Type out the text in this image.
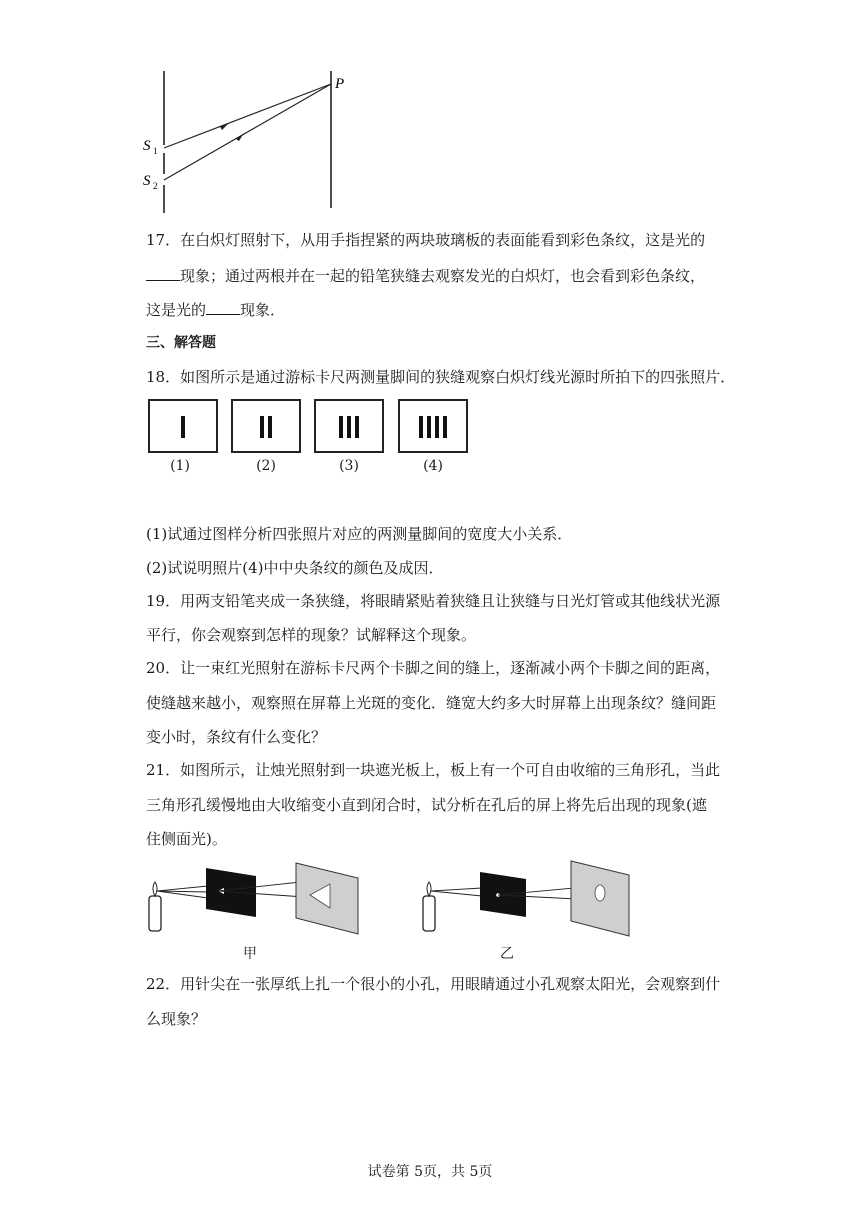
P
S 1
S 2
17．在白炽灯照射下，从用手指捏紧的两块玻璃板的表面能看到彩色条纹，这是光的
现象；通过两根并在一起的铅笔狭缝去观察发光的白炽灯，也会看到彩色条纹，
这是光的 现象．
三、解答题
18．如图所示是通过游标卡尺两测量脚间的狭缝观察白炽灯线光源时所拍下的四张照片．
(1)	(2)	(3)	(4)
(1)试通过图样分析四张照片对应的两测量脚间的宽度大小关系．
(2)试说明照片(4)中中央条纹的颜色及成因．
19．用两支铅笔夹成一条狭缝，将眼睛紧贴着狭缝且让狭缝与日光灯管或其他线状光源
平行，你会观察到怎样的现象？试解释这个现象。
20．让一束红光照射在游标卡尺两个卡脚之间的缝上，逐渐减小两个卡脚之间的距离，
使缝越来越小，观察照在屏幕上光斑的变化．缝宽大约多大时屏幕上出现条纹？缝间距
变小时，条纹有什么变化？
21．如图所示，让烛光照射到一块遮光板上，板上有一个可自由收缩的三角形孔，当此
三角形孔缓慢地由大收缩变小直到闭合时，试分析在孔后的屏上将先后出现的现象(遮
住侧面光)。
甲	乙
22．用针尖在一张厚纸上扎一个很小的小孔，用眼睛通过小孔观察太阳光，会观察到什
么现象？
试卷第 5页，共 5页
